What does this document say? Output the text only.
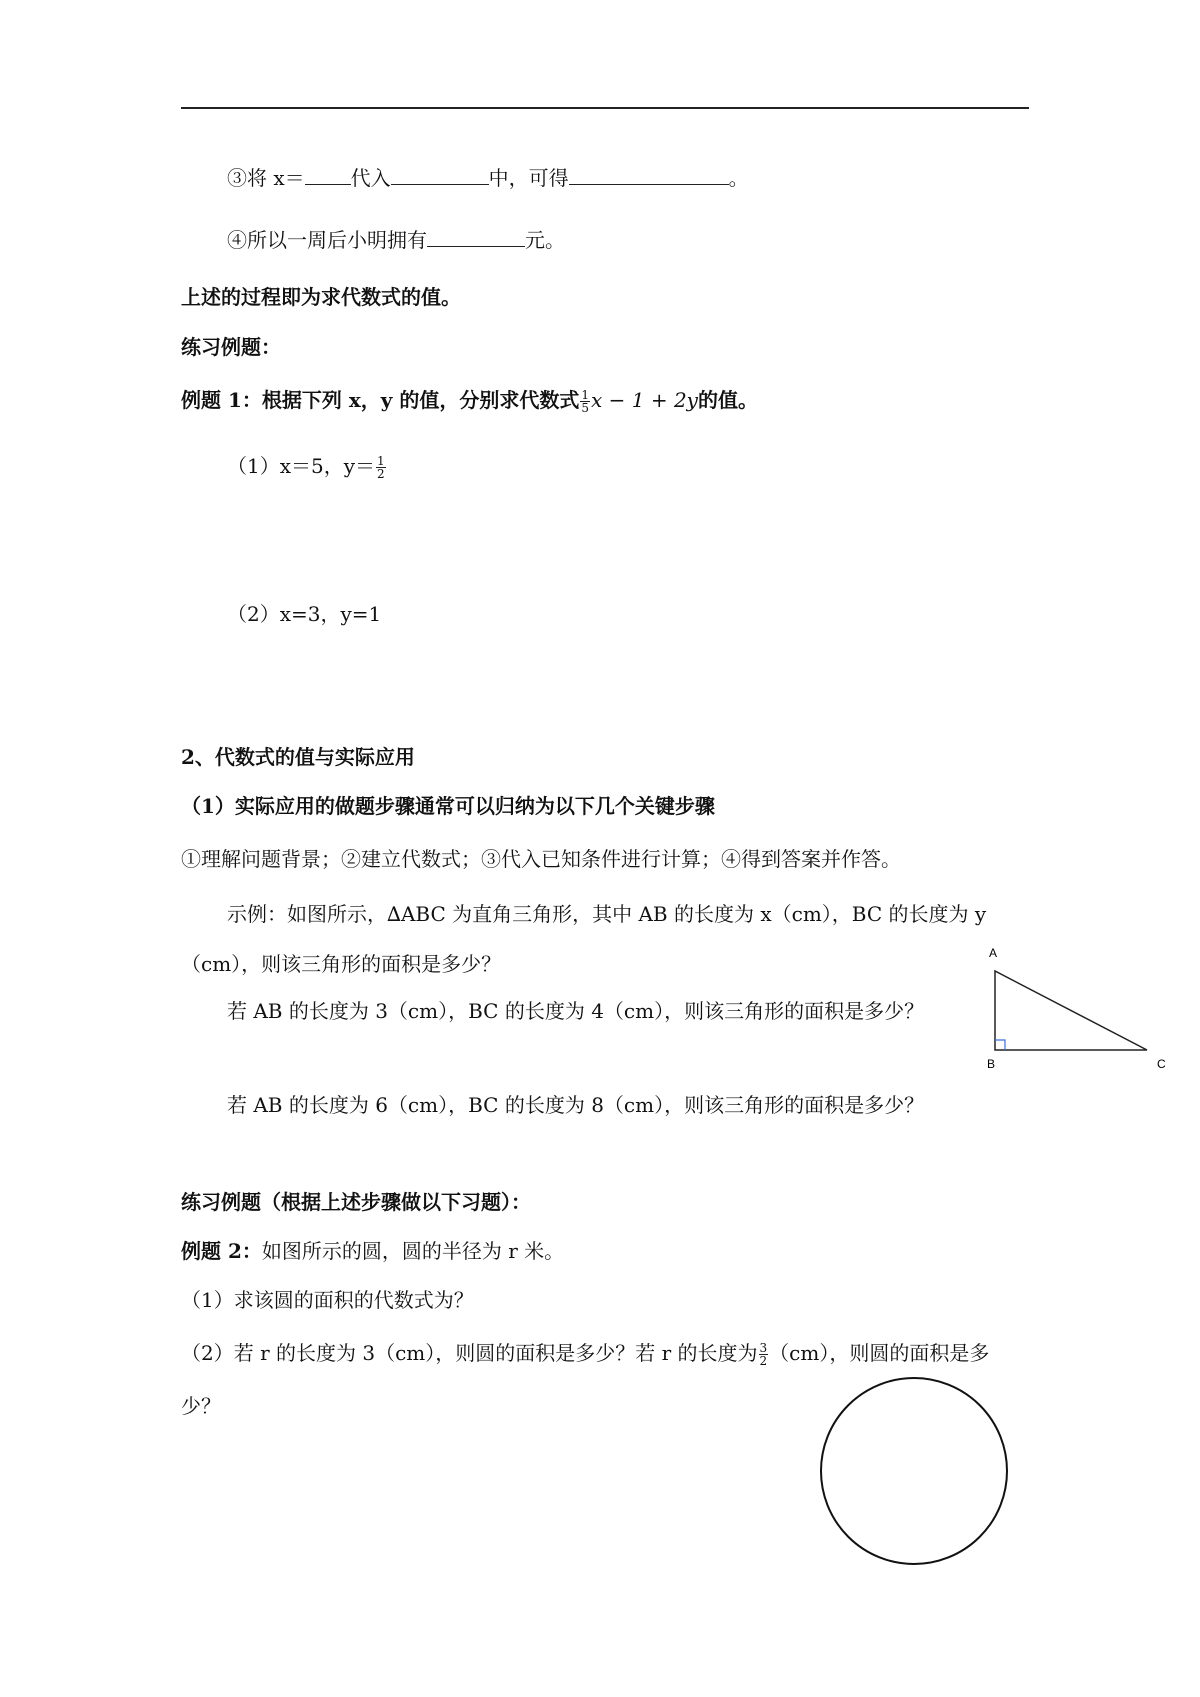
③将 x＝ 代入	中，可得	。
④所以一周后小明拥有	元。
上述的过程即为求代数式的值。
练习例题：
例题 1：根据下列 x，y 的值，分别求代数式 $\frac{1}{5}$ x − 1 + 2y的值。
（1）x＝5，$y= \frac{1}{2}$
（2）x=3，y=1
2、代数式的值与实际应用
（1）实际应用的做题步骤通常可以归纳为以下几个关键步骤
①理解问题背景；②建立代数式；③代入已知条件进行计算；④得到答案并作答。
示例：如图所示，∆ABC 为直角三角形，其中 AB 的长度为 x（cm），BC 的长度为 y
（cm），则该三角形的面积是多少？
若 AB 的长度为 3（cm），BC 的长度为 4（cm），则该三角形的面积是多少？
若 AB 的长度为 6（cm），BC 的长度为 8（cm），则该三角形的面积是多少？
A
B	C
练习例题（根据上述步骤做以下习题）：
例题 2：如图所示的圆，圆的半径为 r 米。
（1）求该圆的面积的代数式为？
（2）若 r 的长度为 3（cm），则圆的面积是多少？若 r 的长度为 $\frac{3}{2} (cm)$，则圆的面积是多
少？
